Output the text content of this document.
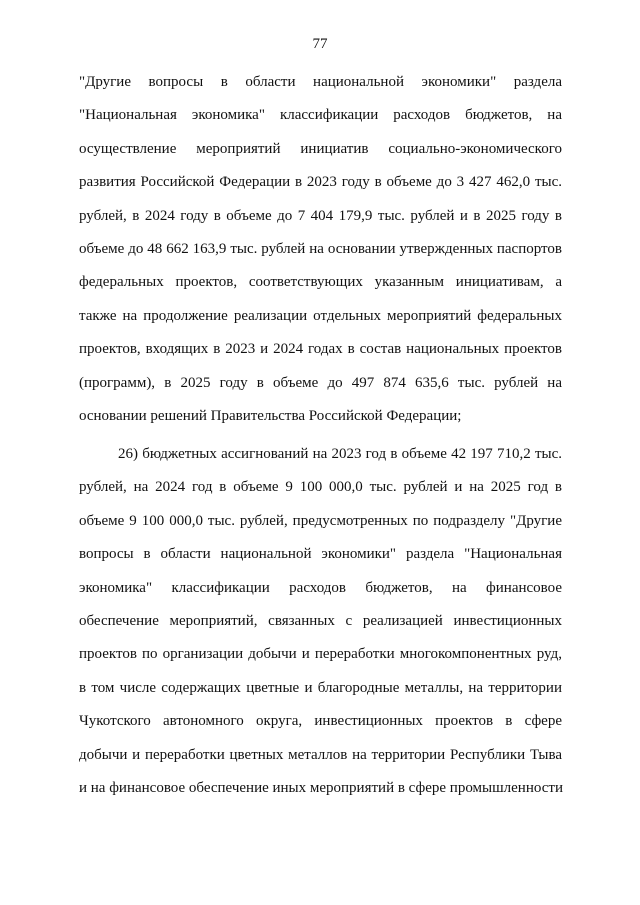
77
"Другие вопросы в области национальной экономики" раздела
"Национальная экономика" классификации расходов бюджетов, на
осуществление мероприятий инициатив социально-экономического
развития Российской Федерации в 2023 году в объеме до 3 427 462,0 тыс.
рублей, в 2024 году в объеме до 7 404 179,9 тыс. рублей и в 2025 году в
объеме до 48 662 163,9 тыс. рублей на основании утвержденных паспортов
федеральных проектов, соответствующих указанным инициативам, а
также на продолжение реализации отдельных мероприятий федеральных
проектов, входящих в 2023 и 2024 годах в состав национальных проектов
(программ), в 2025 году в объеме до 497 874 635,6 тыс. рублей на
основании решений Правительства Российской Федерации;
26) бюджетных ассигнований на 2023 год в объеме 42 197 710,2 тыс.
рублей, на 2024 год в объеме 9 100 000,0 тыс. рублей и на 2025 год в
объеме 9 100 000,0 тыс. рублей, предусмотренных по подразделу "Другие
вопросы в области национальной экономики" раздела "Национальная
экономика" классификации расходов бюджетов, на финансовое
обеспечение мероприятий, связанных с реализацией инвестиционных
проектов по организации добычи и переработки многокомпонентных руд,
в том числе содержащих цветные и благородные металлы, на территории
Чукотского автономного округа, инвестиционных проектов в сфере
добычи и переработки цветных металлов на территории Республики Тыва
и на финансовое обеспечение иных мероприятий в сфере промышленности
